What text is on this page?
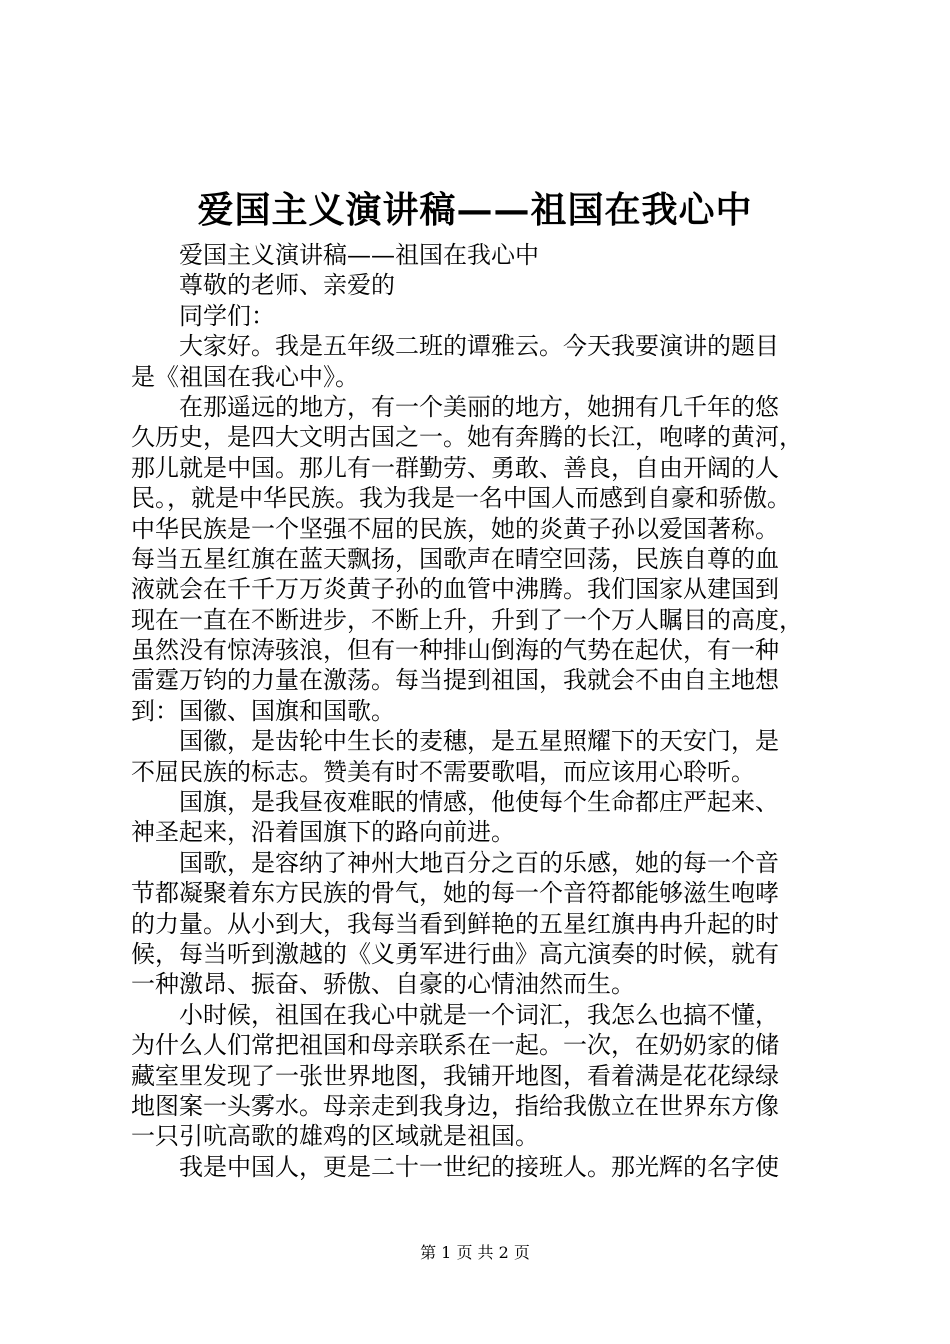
爱国主义演讲稿——祖国在我心中
爱国主义演讲稿——祖国在我心中
尊敬的老师、亲爱的
同学们：
大家好。我是五年级二班的谭雅云。今天我要演讲的题目
是《祖国在我心中》。
在那遥远的地方，有一个美丽的地方，她拥有几千年的悠
久历史，是四大文明古国之一。她有奔腾的长江，咆哮的黄河，
那儿就是中国。那儿有一群勤劳、勇敢、善良，自由开阔的人
民。，就是中华民族。我为我是一名中国人而感到自豪和骄傲。
中华民族是一个坚强不屈的民族，她的炎黄子孙以爱国著称。
每当五星红旗在蓝天飘扬，国歌声在晴空回荡，民族自尊的血
液就会在千千万万炎黄子孙的血管中沸腾。我们国家从建国到
现在一直在不断进步，不断上升，升到了一个万人瞩目的高度，
虽然没有惊涛骇浪，但有一种排山倒海的气势在起伏，有一种
雷霆万钧的力量在激荡。每当提到祖国，我就会不由自主地想
到：国徽、国旗和国歌。
国徽，是齿轮中生长的麦穗，是五星照耀下的天安门，是
不屈民族的标志。赞美有时不需要歌唱，而应该用心聆听。
国旗，是我昼夜难眠的情感，他使每个生命都庄严起来、
神圣起来，沿着国旗下的路向前进。
国歌，是容纳了神州大地百分之百的乐感，她的每一个音
节都凝聚着东方民族的骨气，她的每一个音符都能够滋生咆哮
的力量。从小到大，我每当看到鲜艳的五星红旗冉冉升起的时
候，每当听到激越的《义勇军进行曲》高亢演奏的时候，就有
一种激昂、振奋、骄傲、自豪的心情油然而生。
小时候，祖国在我心中就是一个词汇，我怎么也搞不懂，
为什么人们常把祖国和母亲联系在一起。一次，在奶奶家的储
藏室里发现了一张世界地图，我铺开地图，看着满是花花绿绿
地图案一头雾水。母亲走到我身边，指给我傲立在世界东方像
一只引吭高歌的雄鸡的区域就是祖国。
我是中国人，更是二十一世纪的接班人。那光辉的名字使
第 1 页 共 2 页
